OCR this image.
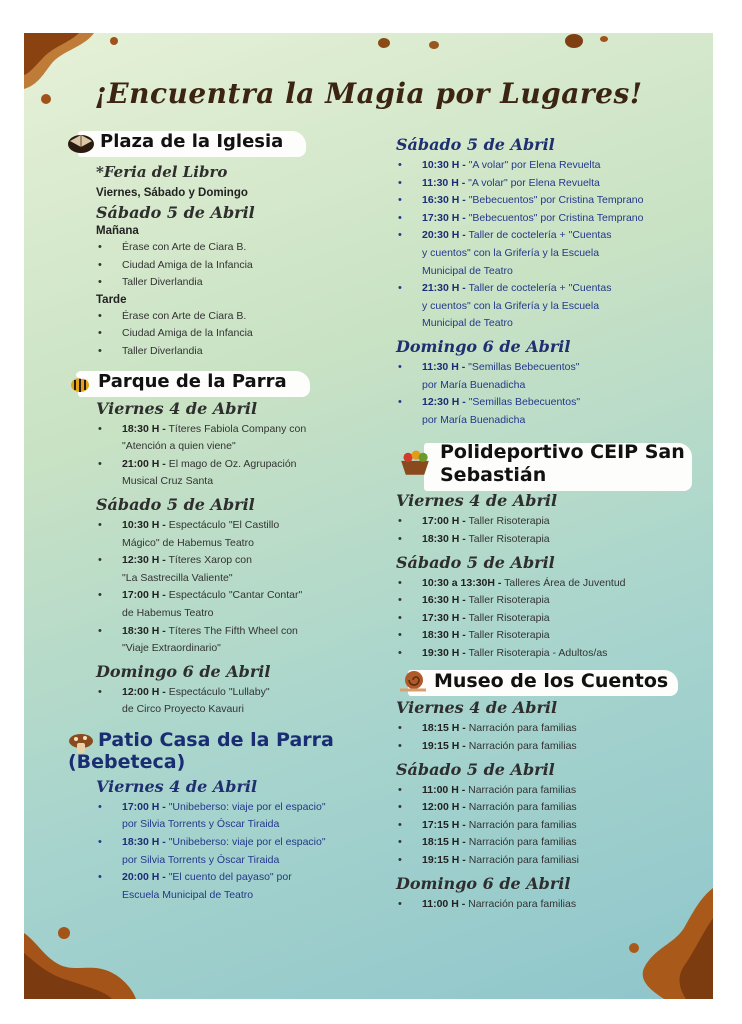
¡Encuentra la Magia por Lugares!
Plaza de la Iglesia
*Feria del Libro
Viernes, Sábado y Domingo
Sábado 5 de Abril
Mañana
• Érase con Arte de Ciara B.
• Ciudad Amiga de la Infancia
• Taller Diverlandia
Tarde
• Érase con Arte de Ciara B.
• Ciudad Amiga de la Infancia
• Taller Diverlandia
Parque de la Parra
Viernes 4 de Abril
• 18:30 H - Títeres Fabiola Company con
"Atención a quien viene"
• 21:00 H - El mago de Oz. Agrupación
Musical Cruz Santa
Sábado 5 de Abril
• 10:30 H - Espectáculo "El Castillo
Mágico" de Habemus Teatro
• 12:30 H - Títeres Xarop con
"La Sastrecilla Valiente"
• 17:00 H - Espectáculo "Cantar Contar"
de Habemus Teatro
• 18:30 H - Títeres The Fifth Wheel con
"Viaje Extraordinario"
Domingo 6 de Abril
• 12:00 H - Espectáculo "Lullaby"
de Circo Proyecto Kavauri
Patio Casa de la Parra
(Bebeteca)
Viernes 4 de Abril
• 17:00 H - "Unibeberso: viaje por el espacio"
por Silvia Torrents y Óscar Tiraida
• 18:30 H - "Unibeberso: viaje por el espacio"
por Silvia Torrents y Óscar Tiraida
• 20:00 H - "El cuento del payaso" por
Escuela Municipal de Teatro
Sábado 5 de Abril
• 10:30 H - "A volar" por Elena Revuelta
• 11:30 H - "A volar" por Elena Revuelta
• 16:30 H - "Bebecuentos" por Cristina Temprano
• 17:30 H - "Bebecuentos" por Cristina Temprano
• 20:30 H - Taller de coctelería + "Cuentas
y cuentos" con la Grifería y la Escuela
Municipal de Teatro
• 21:30 H - Taller de coctelería + "Cuentas
y cuentos" con la Grifería y la Escuela
Municipal de Teatro
Domingo 6 de Abril
• 11:30 H - "Semillas Bebecuentos"
por María Buenadicha
• 12:30 H - "Semillas Bebecuentos"
por María Buenadicha
Polideportivo CEIP San
Sebastián
Viernes 4 de Abril
• 17:00 H - Taller Risoterapia
• 18:30 H - Taller Risoterapia
Sábado 5 de Abril
• 10:30 a 13:30H - Talleres Área de Juventud
• 16:30 H - Taller Risoterapia
• 17:30 H - Taller Risoterapia
• 18:30 H - Taller Risoterapia
• 19:30 H - Taller Risoterapia - Adultos/as
Museo de los Cuentos
Viernes 4 de Abril
• 18:15 H - Narración para familias
• 19:15 H - Narración para familias
Sábado 5 de Abril
• 11:00 H - Narración para familias
• 12:00 H - Narración para familias
• 17:15 H - Narración para familias
• 18:15 H - Narración para familias
• 19:15 H - Narración para familiasi
Domingo 6 de Abril
• 11:00 H - Narración para familias
